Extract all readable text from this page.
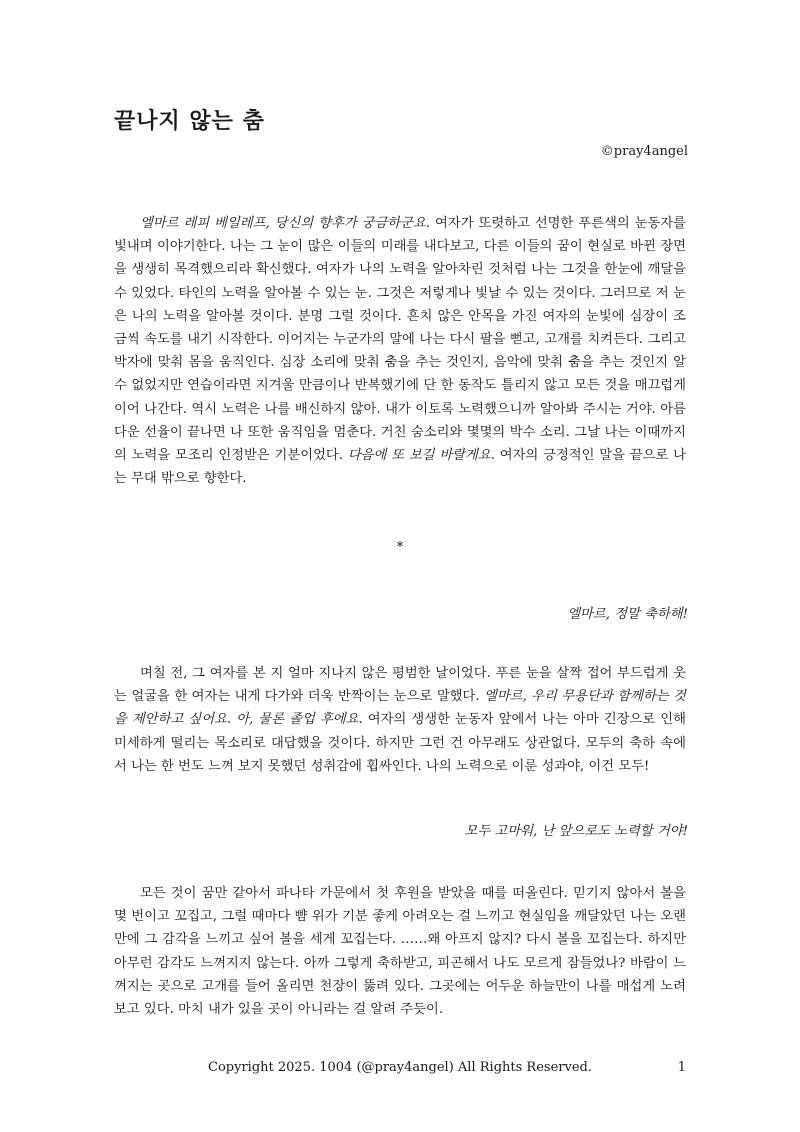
끝나지 않는 춤
©pray4angel

엘마르 레피 베일레프, 당신의 향후가 궁금하군요. 여자가 또렷하고 선명한 푸른색의 눈동자를 빛내며 이야기한다. 나는 그 눈이 많은 이들의 미래를 내다보고, 다른 이들의 꿈이 현실로 바뀐 장면을 생생히 목격했으리라 확신했다. 여자가 나의 노력을 알아차린 것처럼 나는 그것을 한눈에 깨달을 수 있었다. 타인의 노력을 알아볼 수 있는 눈. 그것은 저렇게나 빛날 수 있는 것이다. 그러므로 저 눈은 나의 노력을 알아볼 것이다. 분명 그럴 것이다. 흔치 않은 안목을 가진 여자의 눈빛에 심장이 조금씩 속도를 내기 시작한다. 이어지는 누군가의 말에 나는 다시 팔을 뻗고, 고개를 치켜든다. 그리고 박자에 맞춰 몸을 움직인다. 심장 소리에 맞춰 춤을 추는 것인지, 음악에 맞춰 춤을 추는 것인지 알 수 없었지만 연습이라면 지겨울 만큼이나 반복했기에 단 한 동작도 틀리지 않고 모든 것을 매끄럽게 이어 나간다. 역시 노력은 나를 배신하지 않아. 내가 이토록 노력했으니까 알아봐 주시는 거야. 아름다운 선율이 끝나면 나 또한 움직임을 멈춘다. 거친 숨소리와 몇몇의 박수 소리. 그날 나는 이때까지의 노력을 모조리 인정받은 기분이었다. 다음에 또 보길 바랄게요. 여자의 긍정적인 말을 끝으로 나는 무대 밖으로 향한다.

*
엘마르, 정말 축하해!

며칠 전, 그 여자를 본 지 얼마 지나지 않은 평범한 날이었다. 푸른 눈을 살짝 접어 부드럽게 웃는 얼굴을 한 여자는 내게 다가와 더욱 반짝이는 눈으로 말했다. 엘마르, 우리 무용단과 함께하는 것을 제안하고 싶어요. 아, 물론 졸업 후에요. 여자의 생생한 눈동자 앞에서 나는 아마 긴장으로 인해 미세하게 떨리는 목소리로 대답했을 것이다. 하지만 그런 건 아무래도 상관없다. 모두의 축하 속에서 나는 한 번도 느껴 보지 못했던 성취감에 휩싸인다. 나의 노력으로 이룬 성과야, 이건 모두!

모두 고마워, 난 앞으로도 노력할 거야!

모든 것이 꿈만 같아서 파나타 가문에서 첫 후원을 받았을 때를 떠올린다. 믿기지 않아서 볼을 몇 번이고 꼬집고, 그럴 때마다 뺨 위가 기분 좋게 아려오는 걸 느끼고 현실임을 깨달았던 나는 오랜만에 그 감각을 느끼고 싶어 볼을 세게 꼬집는다. ……왜 아프지 않지? 다시 볼을 꼬집는다. 하지만 아무런 감각도 느껴지지 않는다. 아까 그렇게 축하받고, 피곤해서 나도 모르게 잠들었나? 바람이 느껴지는 곳으로 고개를 들어 올리면 천장이 뚫려 있다. 그곳에는 어두운 하늘만이 나를 매섭게 노려보고 있다. 마치 내가 있을 곳이 아니라는 걸 알려 주듯이.

Copyright 2025. 1004 (@pray4angel) All Rights Reserved.	1
